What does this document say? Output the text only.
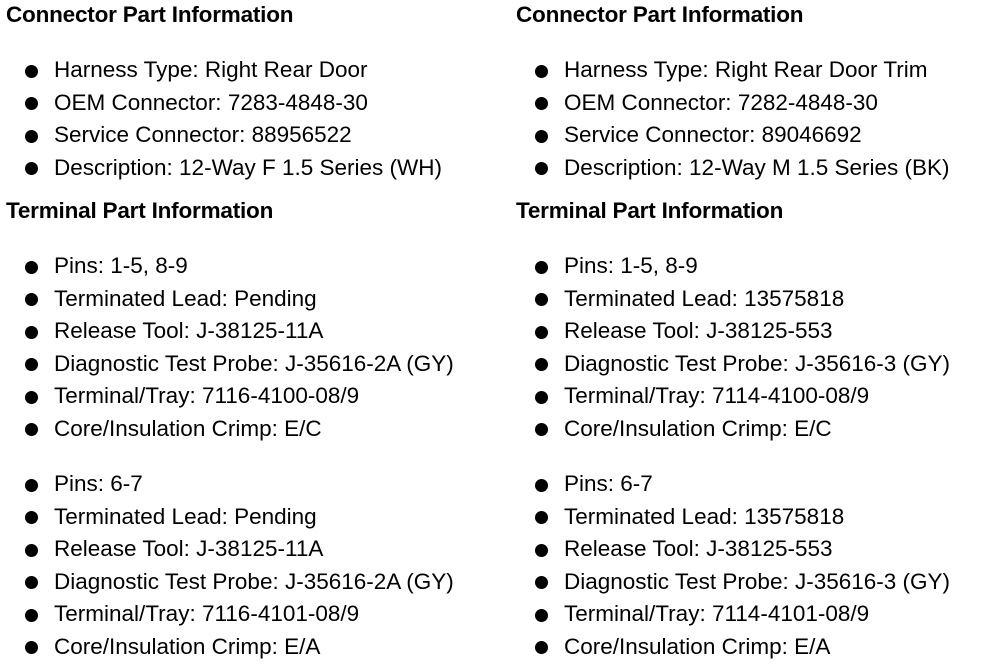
Connector Part Information
Harness Type: Right Rear Door
OEM Connector: 7283-4848-30
Service Connector: 88956522
Description: 12-Way F 1.5 Series (WH)
Terminal Part Information
Pins: 1-5, 8-9
Terminated Lead: Pending
Release Tool: J-38125-11A
Diagnostic Test Probe: J-35616-2A (GY)
Terminal/Tray: 7116-4100-08/9
Core/Insulation Crimp: E/C
Pins: 6-7
Terminated Lead: Pending
Release Tool: J-38125-11A
Diagnostic Test Probe: J-35616-2A (GY)
Terminal/Tray: 7116-4101-08/9
Core/Insulation Crimp: E/A
Connector Part Information
Harness Type: Right Rear Door Trim
OEM Connector: 7282-4848-30
Service Connector: 89046692
Description: 12-Way M 1.5 Series (BK)
Terminal Part Information
Pins: 1-5, 8-9
Terminated Lead: 13575818
Release Tool: J-38125-553
Diagnostic Test Probe: J-35616-3 (GY)
Terminal/Tray: 7114-4100-08/9
Core/Insulation Crimp: E/C
Pins: 6-7
Terminated Lead: 13575818
Release Tool: J-38125-553
Diagnostic Test Probe: J-35616-3 (GY)
Terminal/Tray: 7114-4101-08/9
Core/Insulation Crimp: E/A
